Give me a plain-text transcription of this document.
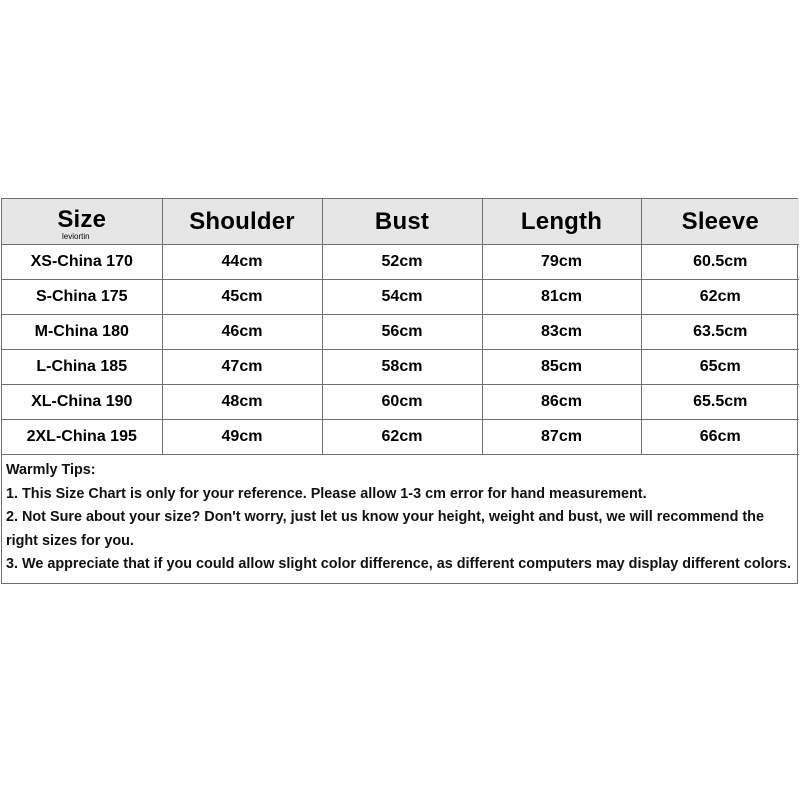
Size
leviortin	Shoulder	Bust	Length	Sleeve
XS-China 170	44cm	52cm	79cm	60.5cm
S-China 175	45cm	54cm	81cm	62cm
M-China 180	46cm	56cm	83cm	63.5cm
L-China 185	47cm	58cm	85cm	65cm
XL-China 190	48cm	60cm	86cm	65.5cm
2XL-China 195	49cm	62cm	87cm	66cm
Warmly Tips:
1. This Size Chart is only for your reference. Please allow 1-3 cm error for hand measurement.
2. Not Sure about your size? Don't worry, just let us know your height, weight and bust, we will recommend the right sizes for you.
3. We appreciate that if you could allow slight color difference, as different computers may display different colors.
